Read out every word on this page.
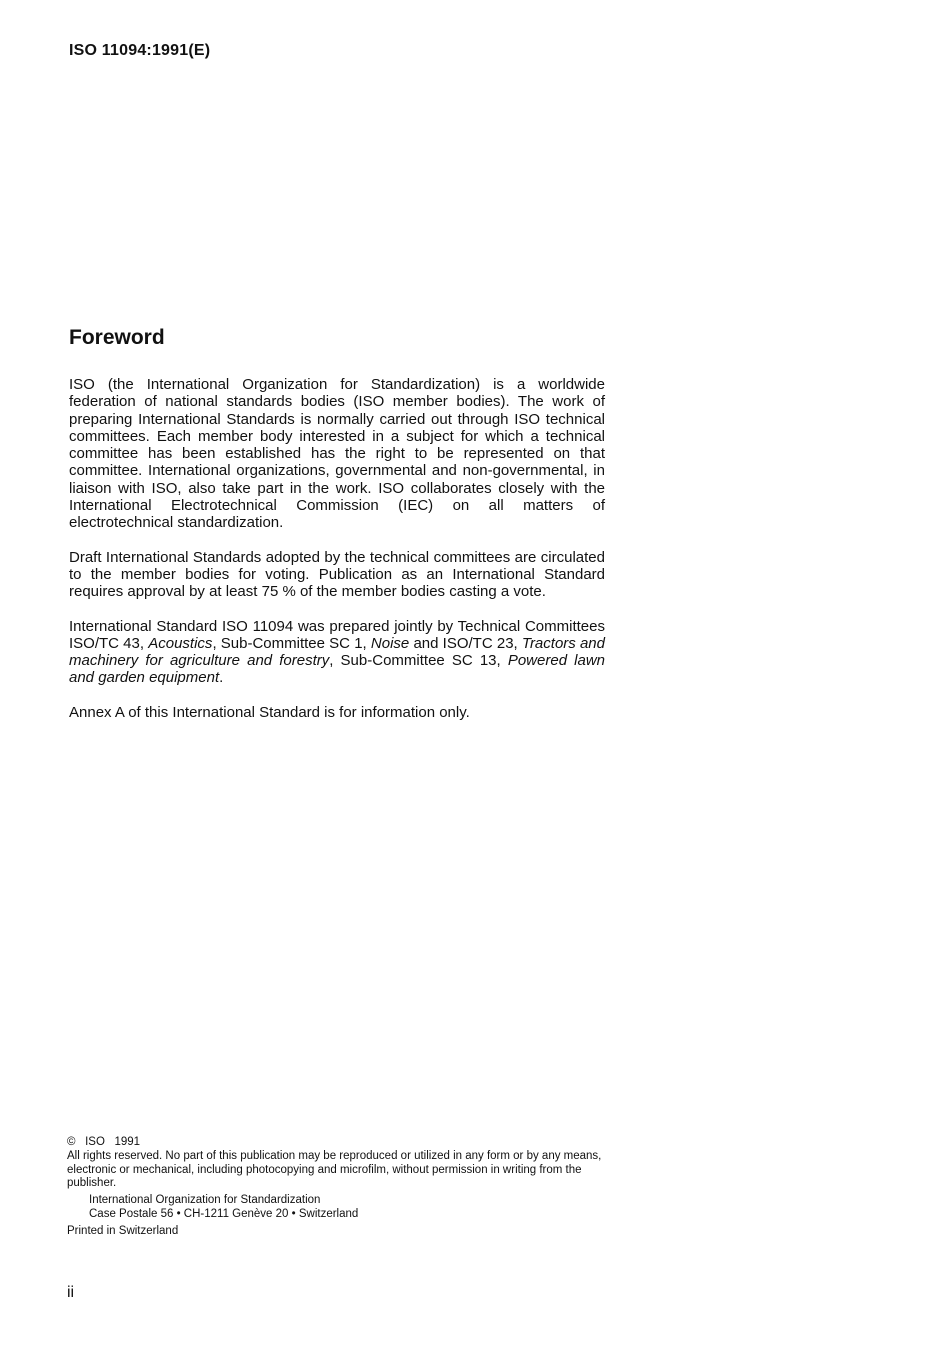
ISO 11094:1991(E)
Foreword

ISO (the International Organization for Standardization) is a worldwide federation of national standards bodies (ISO member bodies). The work of preparing International Standards is normally carried out through ISO technical committees. Each member body interested in a subject for which a technical committee has been established has the right to be represented on that committee. International organizations, governmental and non-governmental, in liaison with ISO, also take part in the work. ISO collaborates closely with the International Electrotechnical Commission (IEC) on all matters of electrotechnical standardization.

Draft International Standards adopted by the technical committees are circulated to the member bodies for voting. Publication as an International Standard requires approval by at least 75 % of the member bodies casting a vote.

International Standard ISO 11094 was prepared jointly by Technical Committees ISO/TC 43, Acoustics, Sub-Committee SC 1, Noise and ISO/TC 23, Tractors and machinery for agriculture and forestry, Sub-Committee SC 13, Powered lawn and garden equipment.

Annex A of this International Standard is for information only.

© ISO 1991
All rights reserved. No part of this publication may be reproduced or utilized in any form or by any means, electronic or mechanical, including photocopying and microfilm, without permission in writing from the publisher.
International Organization for Standardization
Case Postale 56 • CH-1211 Genève 20 • Switzerland
Printed in Switzerland
ii
